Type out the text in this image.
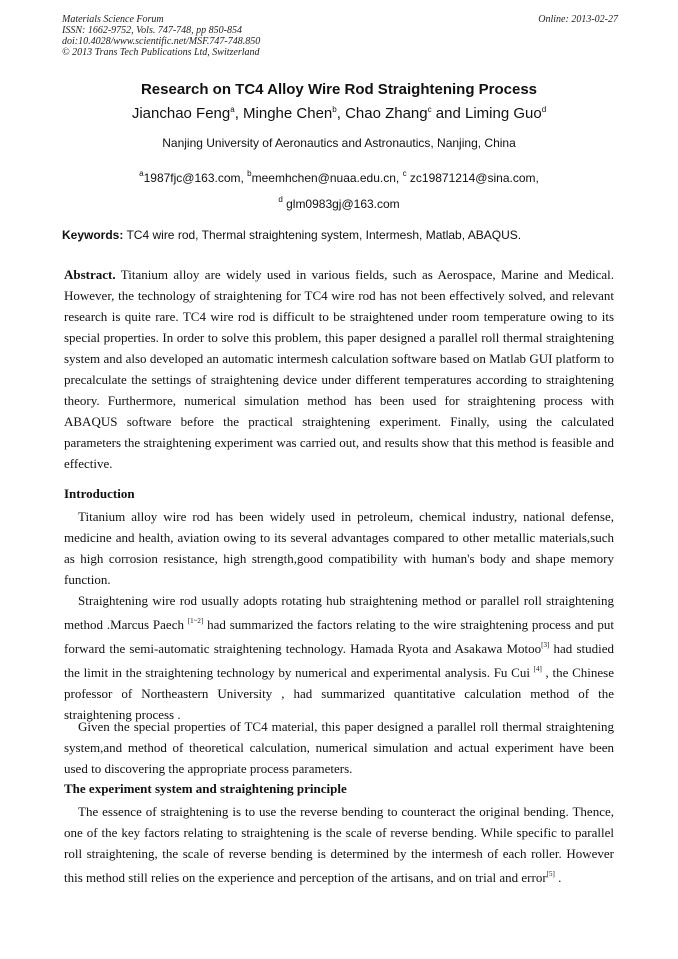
Materials Science Forum
ISSN: 1662-9752, Vols. 747-748, pp 850-854
doi:10.4028/www.scientific.net/MSF.747-748.850
© 2013 Trans Tech Publications Ltd, Switzerland
Online: 2013-02-27
Research on TC4 Alloy Wire Rod Straightening Process
Jianchao Feng$^a$, Minghe Chen$^b$, Chao Zhang$^c$ and Liming Guo$^d$
Nanjing University of Aeronautics and Astronautics, Nanjing, China
$^a$1987fjc@163.com, $^b$meemhchen@nuaa.edu.cn, $^c$ zc19871214@sina.com,
$^d$ glm0983gj@163.com
Keywords: TC4 wire rod, Thermal straightening system, Intermesh, Matlab, ABAQUS.
Abstract. Titanium alloy are widely used in various fields, such as Aerospace, Marine and Medical. However, the technology of straightening for TC4 wire rod has not been effectively solved, and relevant research is quite rare. TC4 wire rod is difficult to be straightened under room temperature owing to its special properties. In order to solve this problem, this paper designed a parallel roll thermal straightening system and also developed an automatic intermesh calculation software based on Matlab GUI platform to precalculate the settings of straightening device under different temperatures according to straightening theory. Furthermore, numerical simulation method has been used for straightening process with ABAQUS software before the practical straightening experiment. Finally, using the calculated parameters the straightening experiment was carried out, and results show that this method is feasible and effective.
Introduction
Titanium alloy wire rod has been widely used in petroleum, chemical industry, national defense, medicine and health, aviation owing to its several advantages compared to other metallic materials,such as high corrosion resistance, high strength,good compatibility with human's body and shape memory function.
Straightening wire rod usually adopts rotating hub straightening method or parallel roll straightening method .Marcus Paech [1~2] had summarized the factors relating to the wire straightening process and put forward the semi-automatic straightening technology. Hamada Ryota and Asakawa Motoo[3] had studied the limit in the straightening technology by numerical and experimental analysis. Fu Cui [4] , the Chinese professor of Northeastern University , had summarized quantitative calculation method of the straightening process .
Given the special properties of TC4 material, this paper designed a parallel roll thermal straightening system,and method of theoretical calculation, numerical simulation and actual experiment have been used to discovering the appropriate process parameters.
The experiment system and straightening principle
The essence of straightening is to use the reverse bending to counteract the original bending. Thence, one of the key factors relating to straightening is the scale of reverse bending. While specific to parallel roll straightening, the scale of reverse bending is determined by the intermesh of each roller. However this method still relies on the experience and perception of the artisans, and on trial and error[5] .
